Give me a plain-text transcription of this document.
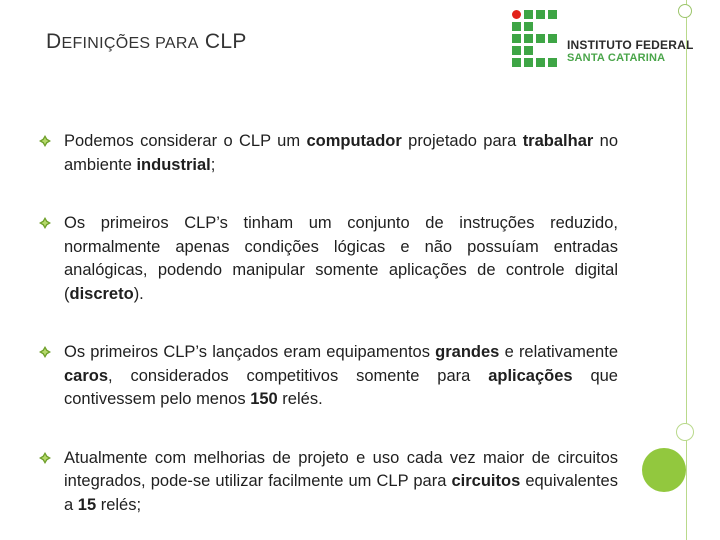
DEFINIÇÕES PARA CLP	INSTITUTO FEDERAL
SANTA CATARINA
Podemos considerar o CLP um computador projetado para trabalhar no ambiente industrial;
Os primeiros CLP’s tinham um conjunto de instruções reduzido, normalmente apenas condições lógicas e não possuíam entradas analógicas, podendo manipular somente aplicações de controle digital (discreto).
Os primeiros CLP’s lançados eram equipamentos grandes e relativamente caros, considerados competitivos somente para aplicações que contivessem pelo menos 150 relés.
Atualmente com melhorias de projeto e uso cada vez maior de circuitos integrados, pode-se utilizar facilmente um CLP para circuitos equivalentes a 15 relés;
